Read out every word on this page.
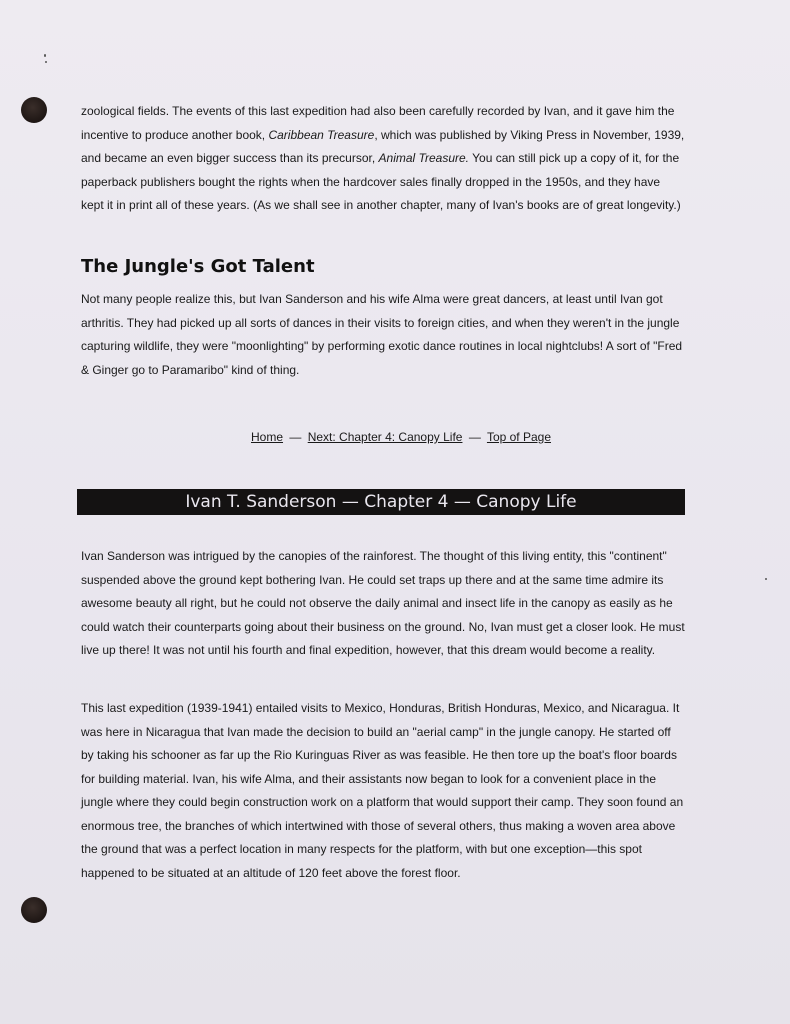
zoological fields. The events of this last expedition had also been carefully recorded by Ivan, and it gave him the incentive to produce another book, Caribbean Treasure, which was published by Viking Press in November, 1939, and became an even bigger success than its precursor, Animal Treasure. You can still pick up a copy of it, for the paperback publishers bought the rights when the hardcover sales finally dropped in the 1950s, and they have kept it in print all of these years. (As we shall see in another chapter, many of Ivan's books are of great longevity.)

The Jungle's Got Talent

Not many people realize this, but Ivan Sanderson and his wife Alma were great dancers, at least until Ivan got arthritis. They had picked up all sorts of dances in their visits to foreign cities, and when they weren't in the jungle capturing wildlife, they were "moonlighting" by performing exotic dance routines in local nightclubs! A sort of "Fred & Ginger go to Paramaribo" kind of thing.

Home — Next: Chapter 4: Canopy Life — Top of Page
Ivan T. Sanderson — Chapter 4 — Canopy Life

Ivan Sanderson was intrigued by the canopies of the rainforest. The thought of this living entity, this "continent" suspended above the ground kept bothering Ivan. He could set traps up there and at the same time admire its awesome beauty all right, but he could not observe the daily animal and insect life in the canopy as easily as he could watch their counterparts going about their business on the ground. No, Ivan must get a closer look. He must live up there! It was not until his fourth and final expedition, however, that this dream would become a reality.

This last expedition (1939-1941) entailed visits to Mexico, Honduras, British Honduras, Mexico, and Nicaragua. It was here in Nicaragua that Ivan made the decision to build an "aerial camp" in the jungle canopy. He started off by taking his schooner as far up the Rio Kuringuas River as was feasible. He then tore up the boat's floor boards for building material. Ivan, his wife Alma, and their assistants now began to look for a convenient place in the jungle where they could begin construction work on a platform that would support their camp. They soon found an enormous tree, the branches of which intertwined with those of several others, thus making a woven area above the ground that was a perfect location in many respects for the platform, with but one exception—this spot happened to be situated at an altitude of 120 feet above the forest floor.
